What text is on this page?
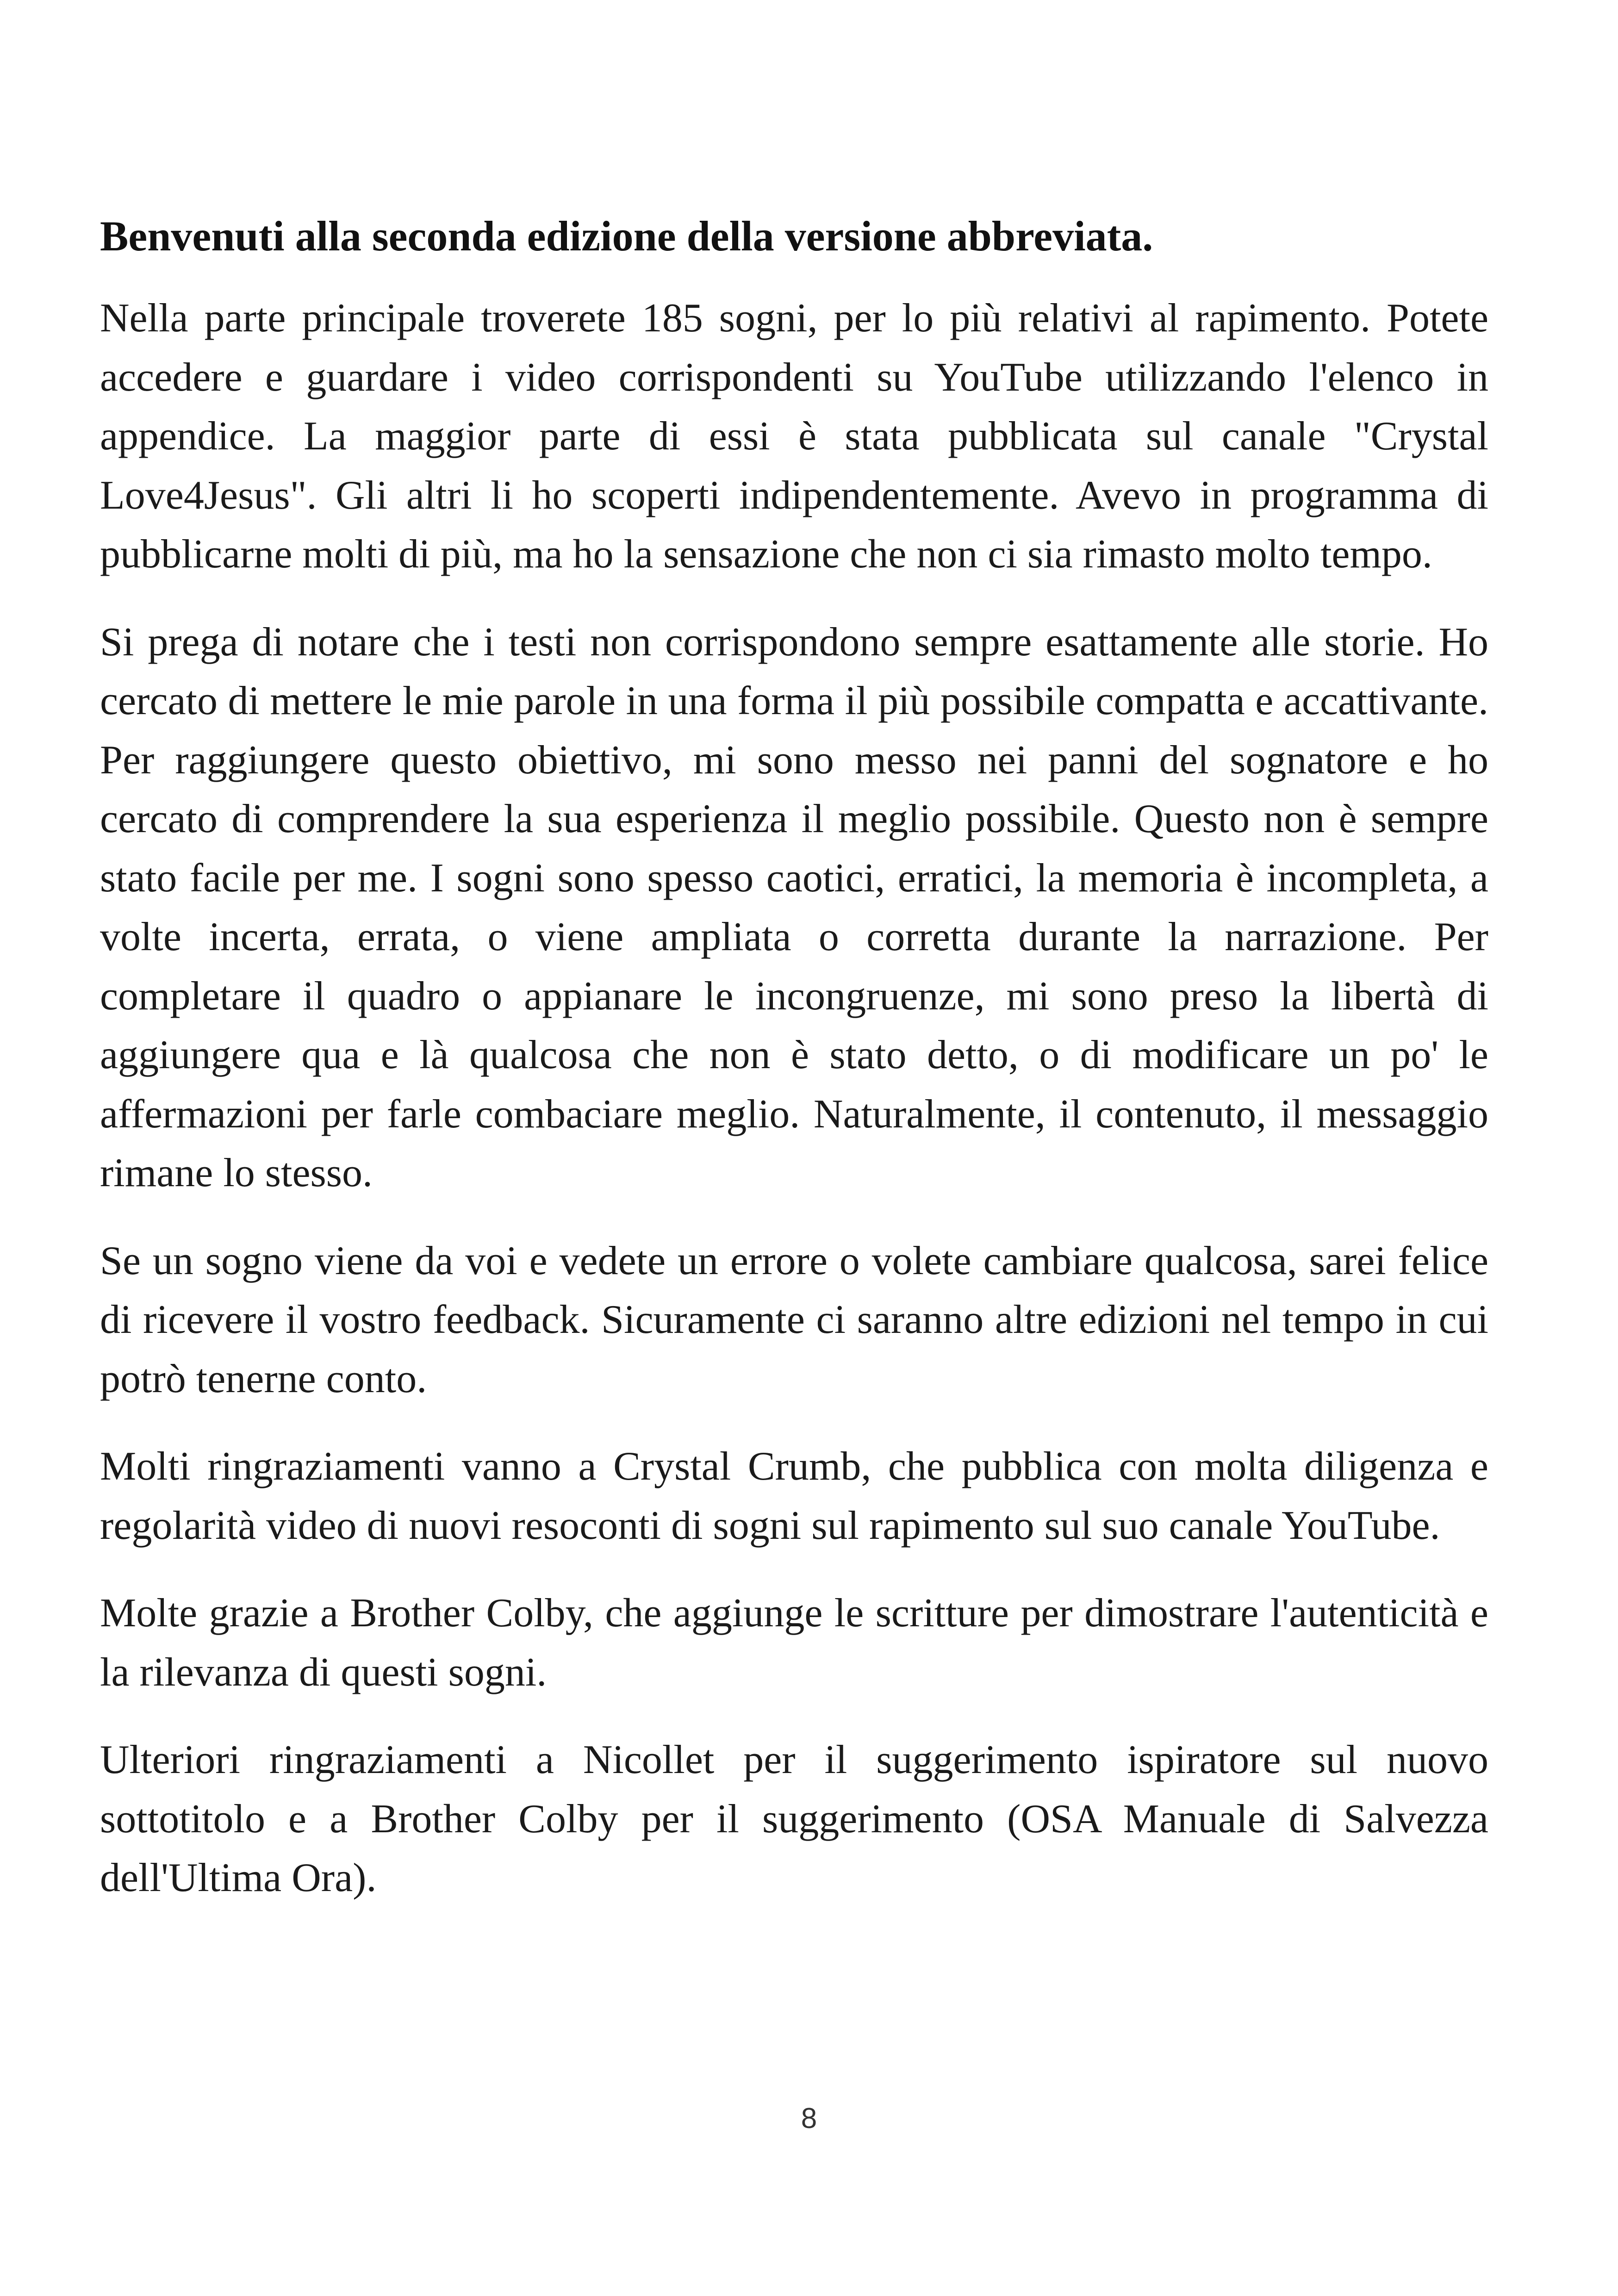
Benvenuti alla seconda edizione della versione abbreviata.

Nella parte principale troverete 185 sogni, per lo più relativi al rapimento. Potete accedere e guardare i video corrispondenti su YouTube utilizzando l'elenco in appendice. La maggior parte di essi è stata pubblicata sul canale "Crystal Love4Jesus". Gli altri li ho scoperti indipendentemente. Avevo in programma di pubblicarne molti di più, ma ho la sensazione che non ci sia rimasto molto tempo.

Si prega di notare che i testi non corrispondono sempre esattamente alle storie. Ho cercato di mettere le mie parole in una forma il più possibile compatta e accattivante. Per raggiungere questo obiettivo, mi sono messo nei panni del sognatore e ho cercato di comprendere la sua esperienza il meglio possibile. Questo non è sempre stato facile per me. I sogni sono spesso caotici, erratici, la memoria è incompleta, a volte incerta, errata, o viene ampliata o corretta durante la narrazione. Per completare il quadro o appianare le incongruenze, mi sono preso la libertà di aggiungere qua e là qualcosa che non è stato detto, o di modificare un po' le affermazioni per farle combaciare meglio. Naturalmente, il contenuto, il messaggio rimane lo stesso.

Se un sogno viene da voi e vedete un errore o volete cambiare qualcosa, sarei felice di ricevere il vostro feedback. Sicuramente ci saranno altre edizioni nel tempo in cui potrò tenerne conto.

Molti ringraziamenti vanno a Crystal Crumb, che pubblica con molta diligenza e regolarità video di nuovi resoconti di sogni sul rapimento sul suo canale YouTube.

Molte grazie a Brother Colby, che aggiunge le scritture per dimostrare l'autenticità e la rilevanza di questi sogni.

Ulteriori ringraziamenti a Nicollet per il suggerimento ispiratore sul nuovo sottotitolo e a Brother Colby per il suggerimento (OSA Manuale di Salvezza dell'Ultima Ora).

8
